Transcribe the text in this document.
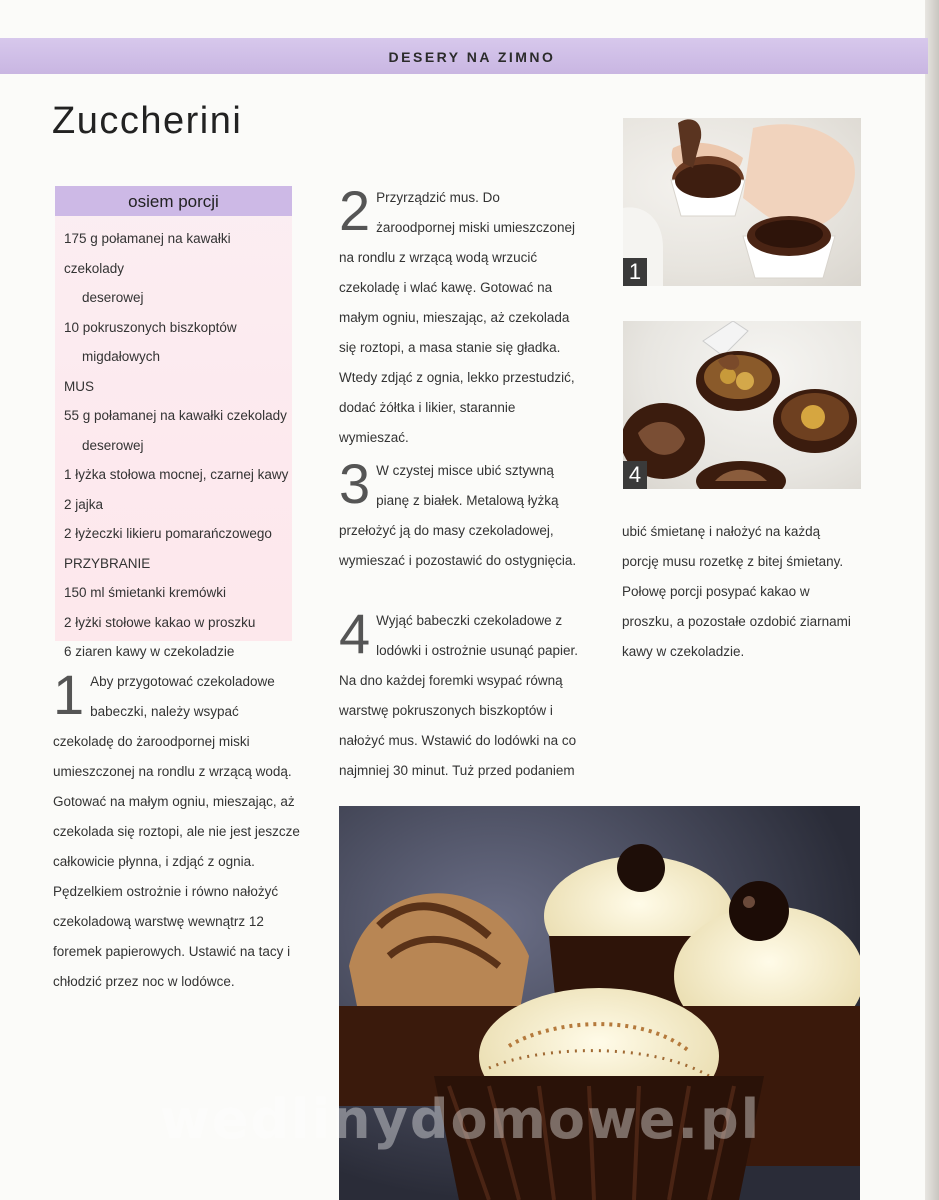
DESERY NA ZIMNO
Zuccherini
osiem porcji
175 g połamanej na kawałki czekolady
deserowej
10 pokruszonych biszkoptów
migdałowych
MUS
55 g połamanej na kawałki czekolady
deserowej
1 łyżka stołowa mocnej, czarnej kawy
2 jajka
2 łyżeczki likieru pomarańczowego
PRZYBRANIE
150 ml śmietanki kremówki
2 łyżki stołowe kakao w proszku
6 ziaren kawy w czekoladzie
1 Aby przygotować czekoladowe babeczki, należy wsypać czekoladę do żaroodpornej miski umieszczonej na rondlu z wrzącą wodą. Gotować na małym ogniu, mieszając, aż czekolada się roztopi, ale nie jest jeszcze całkowicie płynna, i zdjąć z ognia. Pędzelkiem ostrożnie i równo nałożyć czekoladową warstwę wewnątrz 12 foremek papierowych. Ustawić na tacy i chłodzić przez noc w lodówce.

2 Przyrządzić mus. Do żaroodpornej miski umieszczonej na rondlu z wrzącą wodą wrzucić czekoladę i wlać kawę. Gotować na małym ogniu, mieszając, aż czekolada się roztopi, a masa stanie się gładka. Wtedy zdjąć z ognia, lekko przestudzić, dodać żółtka i likier, starannie wymieszać.

3 W czystej misce ubić sztywną pianę z białek. Metalową łyżką przełożyć ją do masy czekoladowej, wymieszać i pozostawić do ostygnięcia.

4 Wyjąć babeczki czekoladowe z lodówki i ostrożnie usunąć papier. Na dno każdej foremki wsypać równą warstwę pokruszonych biszkoptów i nałożyć mus. Wstawić do lodówki na co najmniej 30 minut. Tuż przed podaniem

ubić śmietanę i nałożyć na każdą porcję musu rozetkę z bitej śmietany. Połowę porcji posypać kakao w proszku, a pozostałe ozdobić ziarnami kawy w czekoladzie.

1
4
wedlinydomowe.pl
